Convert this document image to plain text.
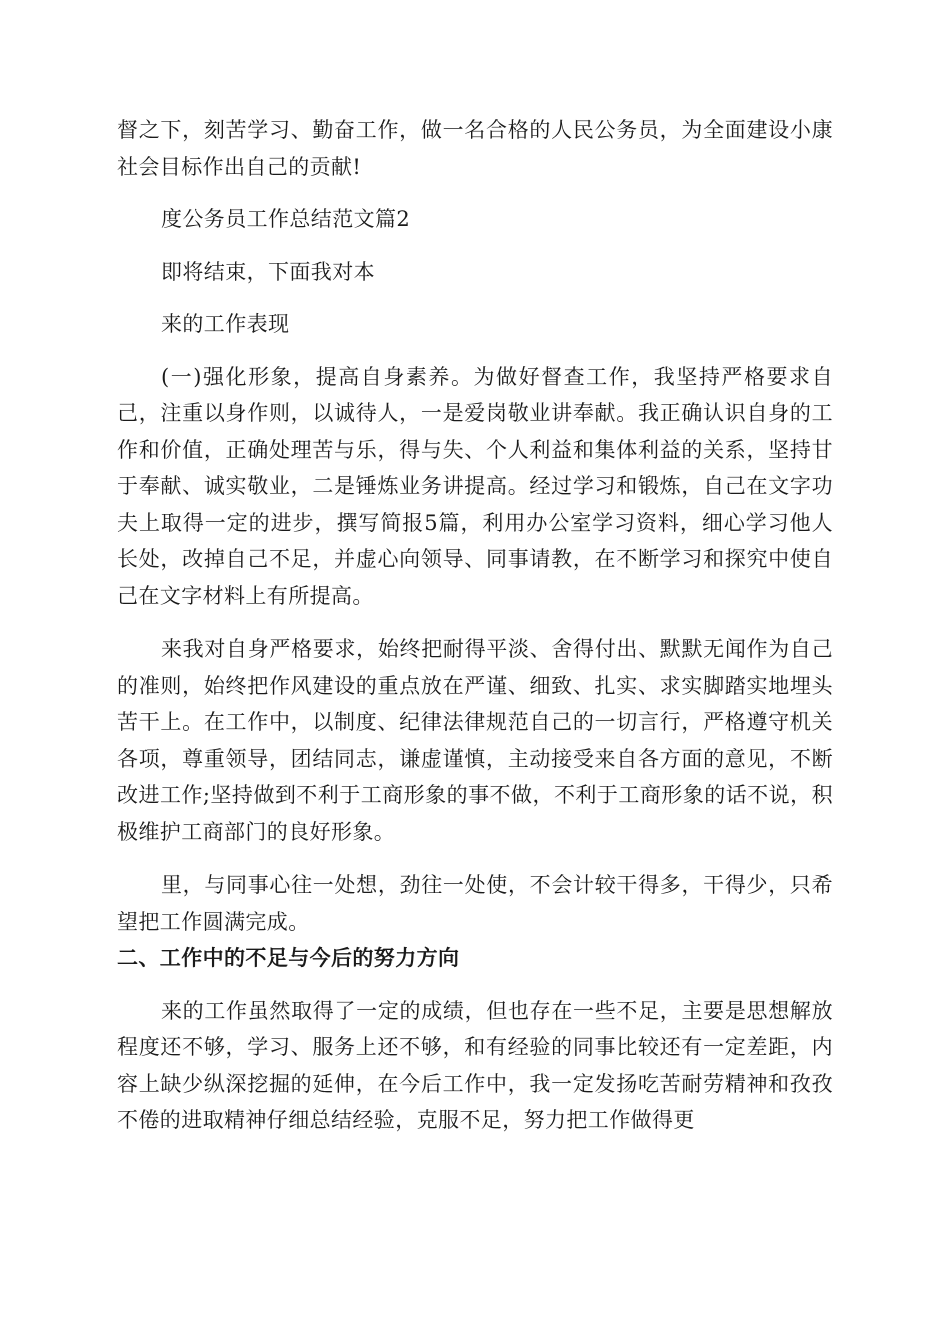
督之下，刻苦学习、勤奋工作，做一名合格的人民公务员，为全面建设小康社会目标作出自己的贡献!

度公务员工作总结范文篇2

即将结束，下面我对本

来的工作表现

(一)强化形象，提高自身素养。为做好督查工作，我坚持严格要求自己，注重以身作则，以诚待人，一是爱岗敬业讲奉献。我正确认识自身的工作和价值，正确处理苦与乐，得与失、个人利益和集体利益的关系，坚持甘于奉献、诚实敬业，二是锤炼业务讲提高。经过学习和锻炼，自己在文字功夫上取得一定的进步，撰写简报5篇，利用办公室学习资料，细心学习他人长处，改掉自己不足，并虚心向领导、同事请教，在不断学习和探究中使自己在文字材料上有所提高。

来我对自身严格要求，始终把耐得平淡、舍得付出、默默无闻作为自己的准则，始终把作风建设的重点放在严谨、细致、扎实、求实脚踏实地埋头苦干上。在工作中，以制度、纪律法律规范自己的一切言行，严格遵守机关各项，尊重领导，团结同志，谦虚谨慎，主动接受来自各方面的意见，不断改进工作;坚持做到不利于工商形象的事不做，不利于工商形象的话不说，积极维护工商部门的良好形象。

里，与同事心往一处想，劲往一处使，不会计较干得多，干得少，只希望把工作圆满完成。

二、工作中的不足与今后的努力方向

来的工作虽然取得了一定的成绩，但也存在一些不足，主要是思想解放程度还不够，学习、服务上还不够，和有经验的同事比较还有一定差距，内容上缺少纵深挖掘的延伸，在今后工作中，我一定发扬吃苦耐劳精神和孜孜不倦的进取精神仔细总结经验，克服不足，努力把工作做得更
